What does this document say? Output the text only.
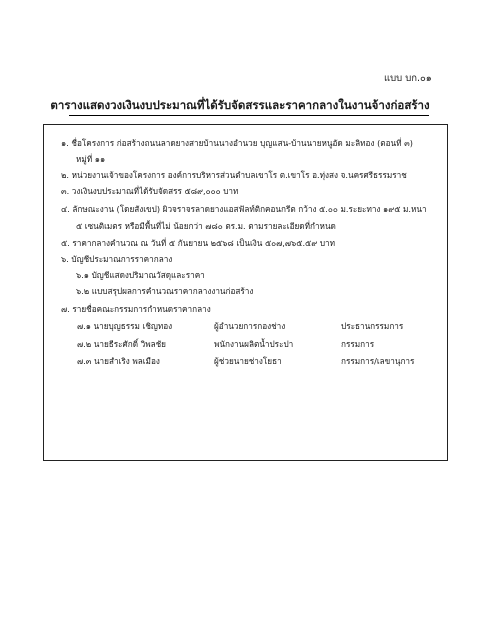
แบบ บก.๐๑
ตารางแสดงวงเงินงบประมาณที่ได้รับจัดสรรและราคากลางในงานจ้างก่อสร้าง
๑. ชื่อโครงการ ก่อสร้างถนนลาดยางสายบ้านนางอำนวย บุญแสน-บ้านนายหนูอัด มะลิทอง (ตอนที่ ๓)
หมู่ที่ ๑๑
๒. หน่วยงานเจ้าของโครงการ องค์การบริหารส่วนตำบลเขาโร ต.เขาโร อ.ทุ่งสง จ.นครศรีธรรมราช
๓. วงเงินงบประมาณที่ได้รับจัดสรร ๕๘๙,๐๐๐ บาท
๔. ลักษณะงาน (โดยสังเขป) ผิวจราจรลาดยางแอสฟัลท์ติกคอนกรีต กว้าง ๕.๐๐ ม.ระยะทาง ๑๙๕ ม.หนา
๕ เซนติเมตร หรือมีพื้นที่ไม่ น้อยกว่า ๗๘๐ ตร.ม. ตามรายละเอียดที่กำหนด
๕. ราคากลางคำนวณ ณ วันที่ ๕ กันยายน ๒๕๖๘ เป็นเงิน ๕๐๗,๗๖๕.๕๙ บาท
๖. บัญชีประมาณการราคากลาง
๖.๑ บัญชีแสดงปริมาณวัสดุและราคา
๖.๒ แบบสรุปผลการคำนวณราคากลางงานก่อสร้าง
๗. รายชื่อคณะกรรมการกำหนดราคากลาง
๗.๑ นายบุญธรรม เชิญทอง	ผู้อำนวยการกองช่าง	ประธานกรรมการ
๗.๒ นายธีระศักดิ์ วิพลชัย	พนักงานผลิตน้ำประปา	กรรมการ
๗.๓ นายสำเริง พลเมือง	ผู้ช่วยนายช่างโยธา	กรรมการ/เลขานุการ
